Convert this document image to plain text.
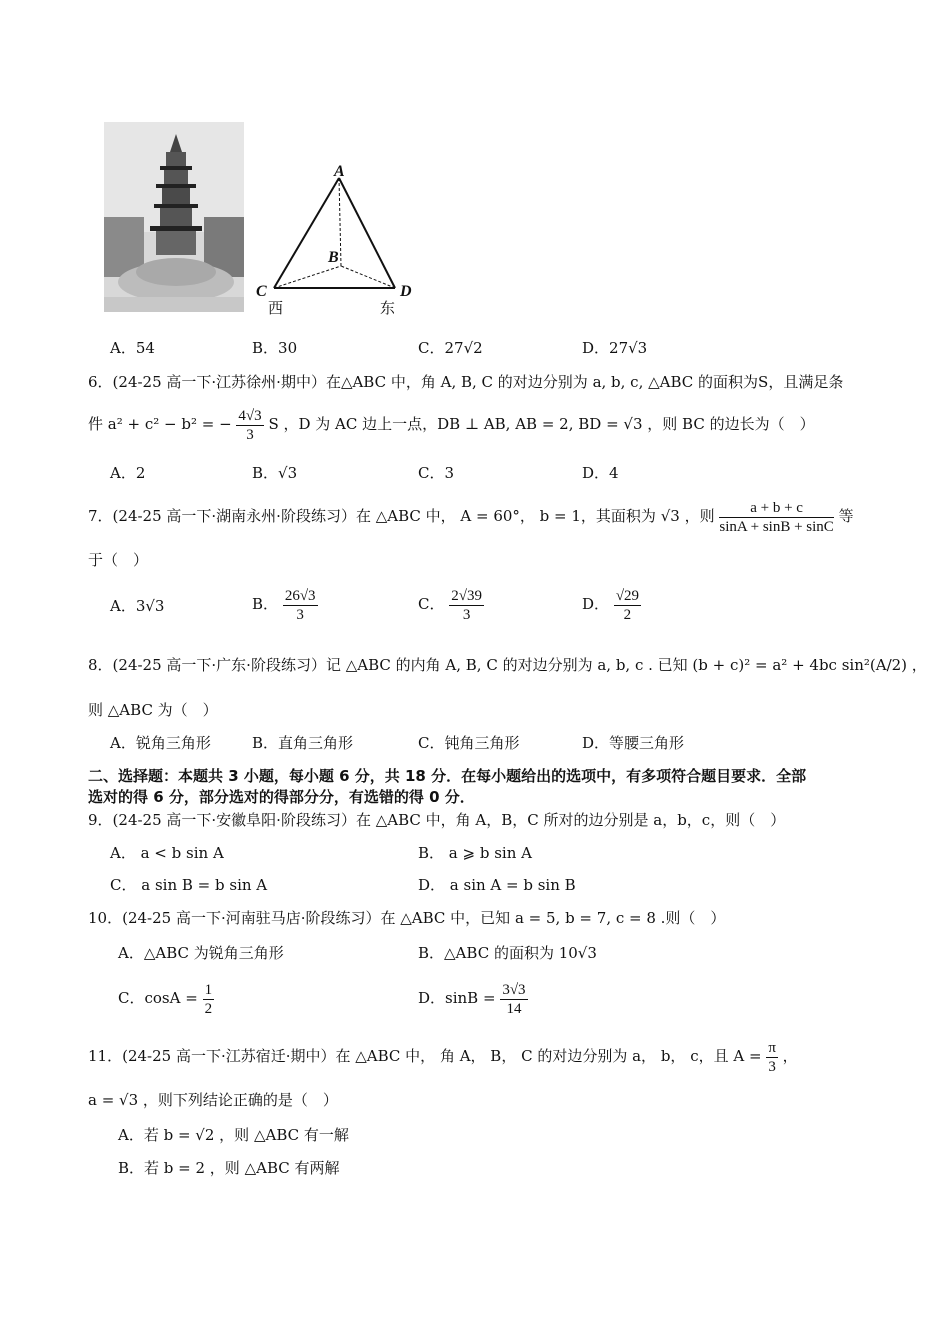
A
B
C	D
西	东
A．54	B．30	C．27√2	D．27√3
6．(24-25 高一下·江苏徐州·期中）在△ABC 中，角 A, B, C 的对边分别为 a, b, c, △ABC 的面积为S，且满足条
件 a² + c² − b² = − $\frac{4√3}{3}$ S ，D 为 AC 边上一点，DB ⊥ AB, AB = 2, BD = √3 ，则 BC 的边长为（　）
A．2	B．√3	C．3	D．4
7．(24-25 高一下·湖南永州·阶段练习）在 △ABC 中， A = 60°， b = 1，其面积为 √3 ，则 $\frac{a + b + c}{\sin A + \sin B + \sin C}$ 等
于（　）
A．3√3	B． $\frac{26√3}{3}$	C． $\frac{2√39}{3}$	D． $\frac{√29}{2}$
8．(24-25 高一下·广东·阶段练习）记 △ABC 的内角 A, B, C 的对边分别为 a, b, c . 已知 (b + c)² = a² + 4bc sin²(A/2) ，
则 △ABC 为（　）
A．锐角三角形	B．直角三角形	C．钝角三角形	D．等腰三角形
二、选择题：本题共 3 小题，每小题 6 分，共 18 分．在每小题给出的选项中，有多项符合题目要求．全部
选对的得 6 分，部分选对的得部分分，有选错的得 0 分．
9．(24-25 高一下·安徽阜阳·阶段练习）在 △ABC 中，角 A，B，C 所对的边分别是 a，b，c，则（　）
A． a < b sin A	B． a ⩾ b sin A
C． a sin B = b sin A	D． a sin A = b sin B
10．(24-25 高一下·河南驻马店·阶段练习）在 △ABC 中，已知 a = 5, b = 7, c = 8 .则（　）
A．△ABC 为锐角三角形	B．△ABC 的面积为 10√3
C．$\cos A = \frac{1}{2}$	D．$\sin B = \frac{3√3}{14}$
11．(24-25 高一下·江苏宿迁·期中）在 △ABC 中， 角 A， B， C 的对边分别为 a， b， c，且 $A = \frac{\pi}{3}$ ，
a = √3 ，则下列结论正确的是（　）
A．若 b = √2 ，则 △ABC 有一解
B．若 b = 2 ，则 △ABC 有两解
